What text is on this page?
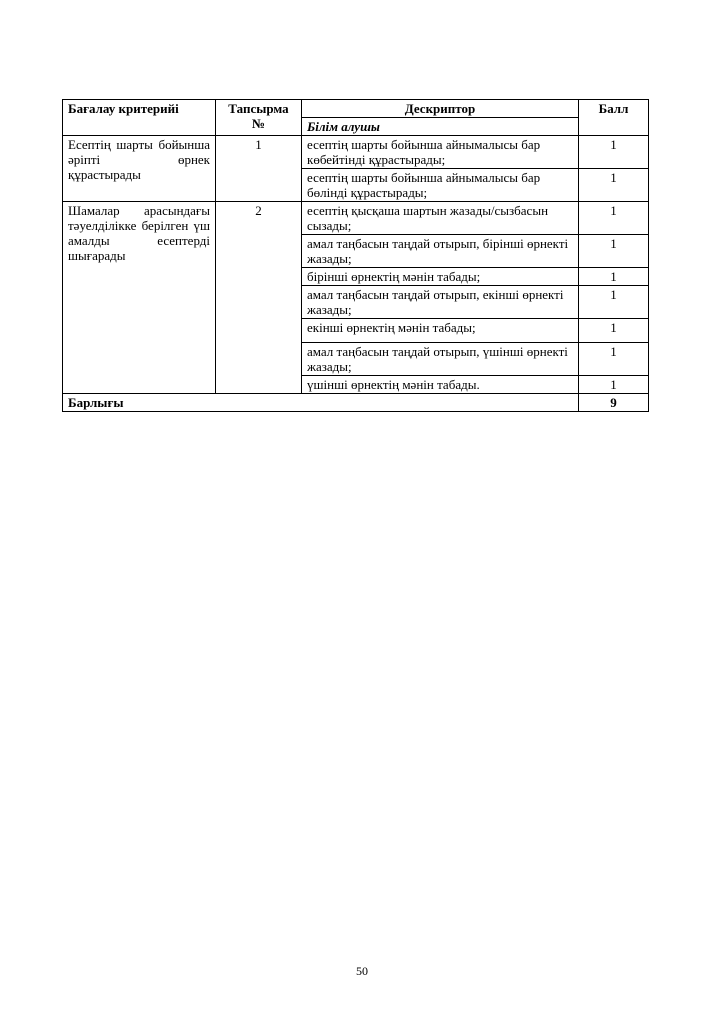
Бағалау критерийі	Тапсырма №	Дескриптор	Балл
		Білім алушы	
Есептің шарты бойынша әріпті өрнек құрастырады	1	есептің шарты бойынша айнымалысы бар көбейтінді құрастырады;	1
		есептің шарты бойынша айнымалысы бар бөлінді құрастырады;	1
Шамалар арасындағы тәуелділікке берілген үш амалды есептерді шығарады	2	есептің қысқаша шартын жазады/сызбасын сызады;	1
		амал таңбасын таңдай отырып, бірінші өрнекті жазады;	1
		бірінші өрнектің мәнін табады;	1
		амал таңбасын таңдай отырып, екінші өрнекті жазады;	1
		екінші өрнектің мәнін табады;	1
		амал таңбасын таңдай отырып, үшінші өрнекті жазады;	1
		үшінші өрнектің мәнін табады.	1
Барлығы			9
50
